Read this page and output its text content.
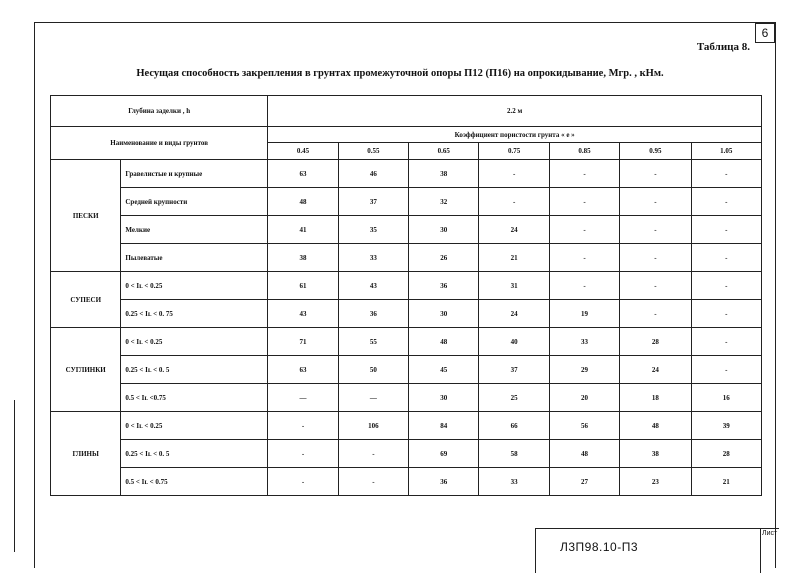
6
Таблица 8.
Несущая способность закрепления в грунтах промежуточной опоры П12 (П16) на опрокидывание, Мгр. , кНм.
Глубина заделки , h		2.2 м						
Наименование и виды грунтов		Коэффициент пористости грунта « е »						
		0.45	0.55	0.65	0.75	0.85	0.95	1.05
ПЕСКИ	Гравелистые и крупные	63	46	38	-	-	-	-
	Средней крупности	48	37	32	-	-	-	-
	Мелкие	41	35	30	24	-	-	-
	Пылеватые	38	33	26	21	-	-	-
СУПЕСИ	0 < Iʟ < 0.25	61	43	36	31	-	-	-
	0.25 < Iʟ < 0. 75	43	36	30	24	19	-	-
СУГЛИНКИ	0 < Iʟ < 0.25	71	55	48	40	33	28	-
	0.25 < Iʟ < 0. 5	63	50	45	37	29	24	-
	0.5 < Iʟ <0.75	—	—	30	25	20	18	16
ГЛИНЫ	0 < Iʟ < 0.25	-	106	84	66	56	48	39
	0.25 < Iʟ < 0. 5	-	-	69	58	48	38	28
	0.5 < Iʟ < 0.75	-	-	36	33	27	23	21
Л3П98.10-П3
Лист
